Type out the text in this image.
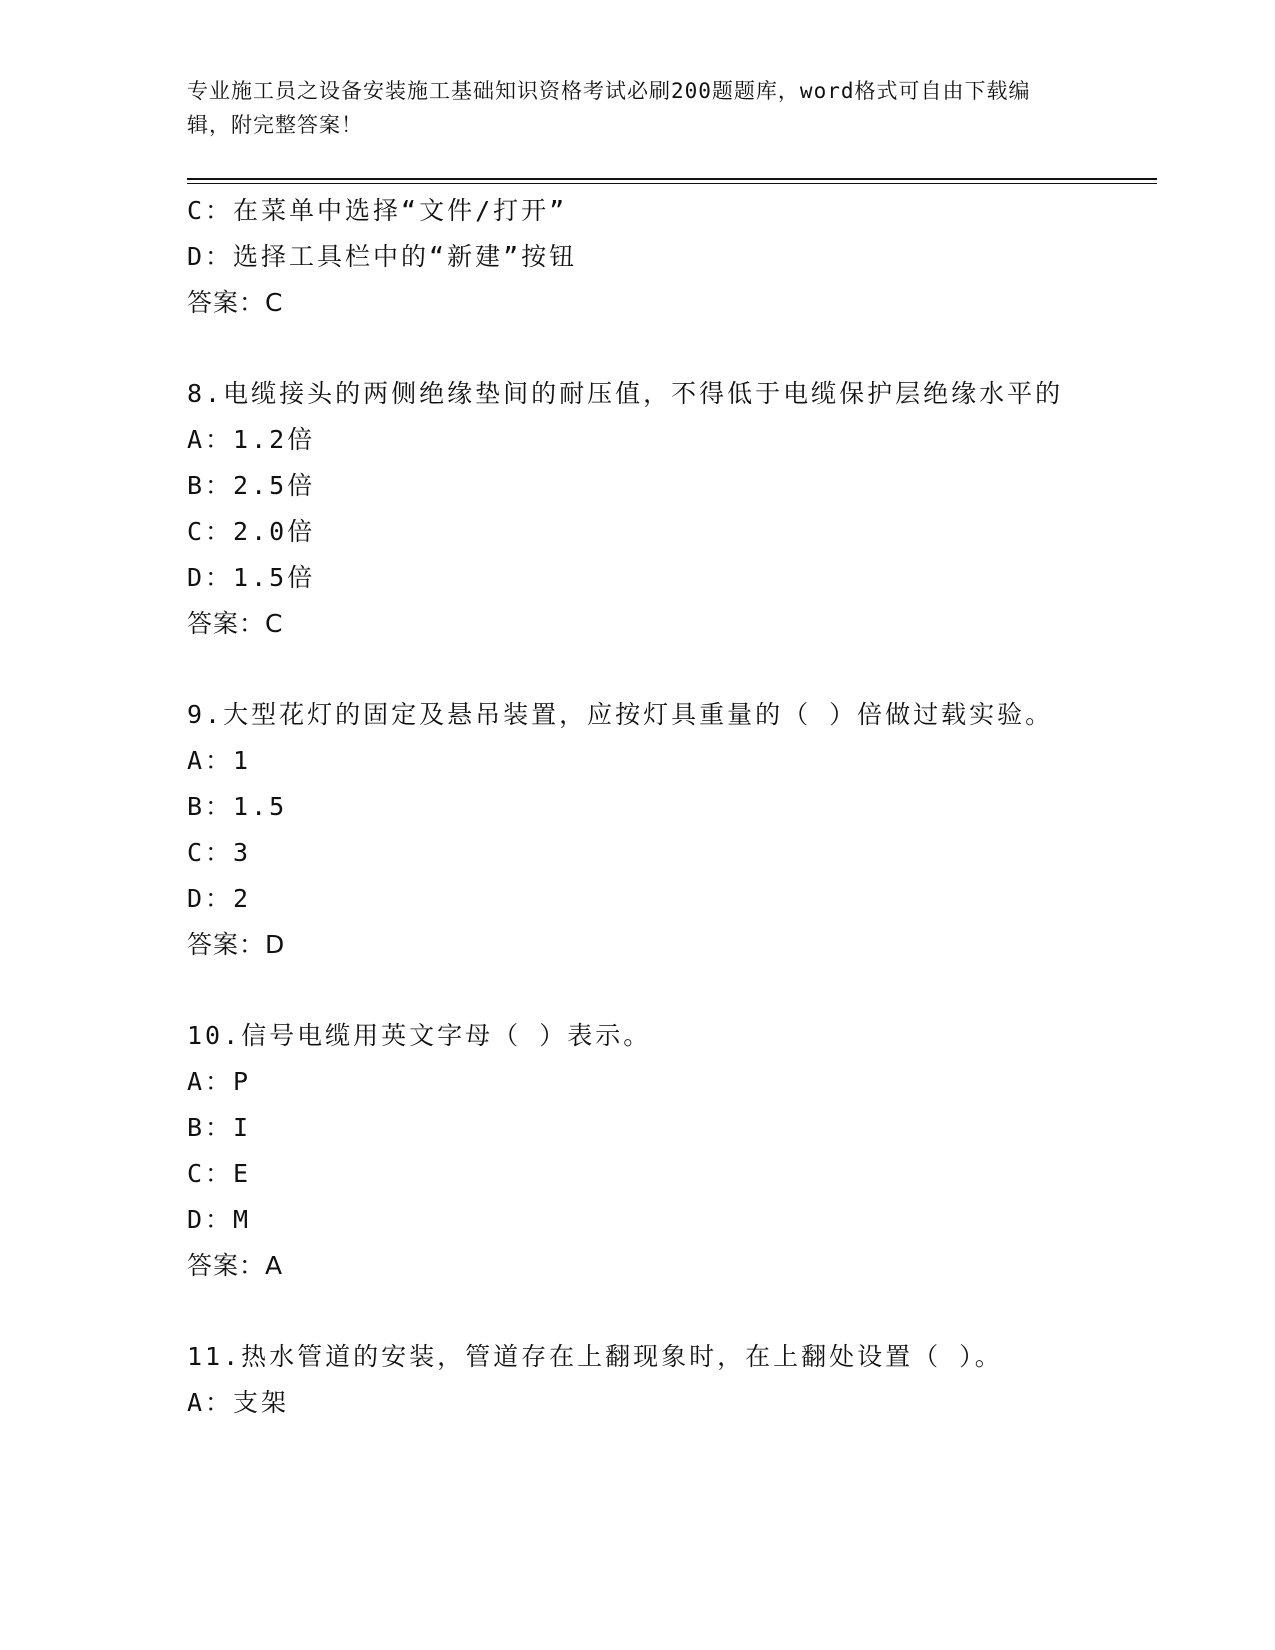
专业施工员之设备安装施工基础知识资格考试必刷200题题库，word格式可自由下载编辑，附完整答案！
C：在菜单中选择“文件/打开”
D：选择工具栏中的“新建”按钮
答案：C
8.电缆接头的两侧绝缘垫间的耐压值，不得低于电缆保护层绝缘水平的
A：1.2倍
B：2.5倍
C：2.0倍
D：1.5倍
答案：C
9.大型花灯的固定及悬吊装置，应按灯具重量的（ ）倍做过载实验。
A：1
B：1.5
C：3
D：2
答案：D
10.信号电缆用英文字母（ ）表示。
A：P
B：I
C：E
D：M
答案：A
11.热水管道的安装，管道存在上翻现象时，在上翻处设置（ ）。
A：支架
